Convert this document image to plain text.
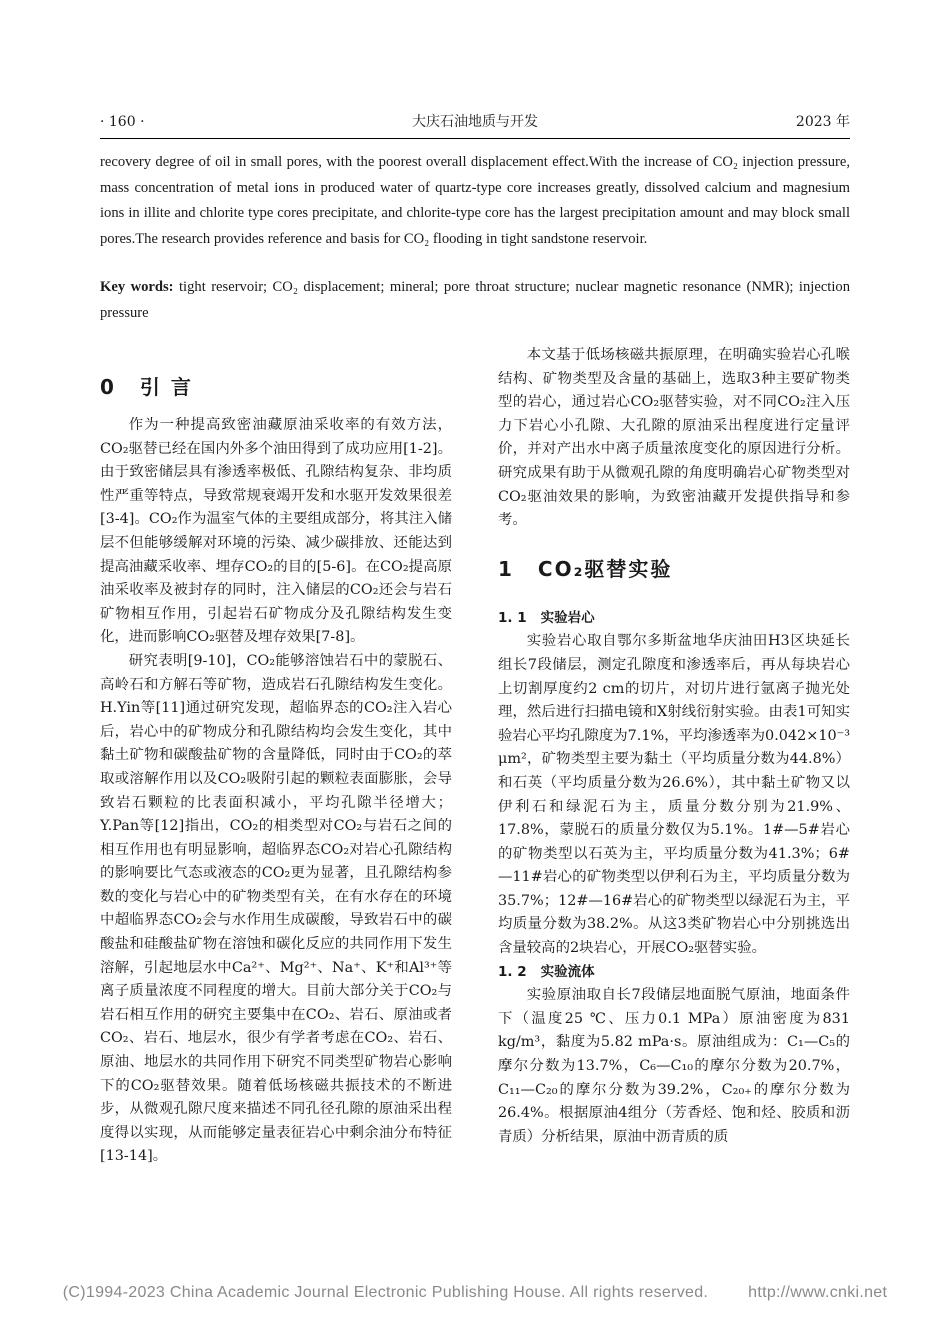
· 160 ·	大庆石油地质与开发	2023 年

recovery degree of oil in small pores, with the poorest overall displacement effect.With the increase of CO₂ injection pressure, mass concentration of metal ions in produced water of quartz-type core increases greatly, dissolved calcium and magnesium ions in illite and chlorite type cores precipitate, and chlorite-type core has the largest precipitation amount and may block small pores.The research provides reference and basis for CO₂ flooding in tight sandstone reservoir.

Key words: tight reservoir; CO₂ displacement; mineral; pore throat structure; nuclear magnetic resonance (NMR); injection pressure
0 引 言

作为一种提高致密油藏原油采收率的有效方法，CO₂驱替已经在国内外多个油田得到了成功应用[1-2]。由于致密储层具有渗透率极低、孔隙结构复杂、非均质性严重等特点，导致常规衰竭开发和水驱开发效果很差[3-4]。CO₂作为温室气体的主要组成部分，将其注入储层不但能够缓解对环境的污染、减少碳排放、还能达到提高油藏采收率、埋存CO₂的目的[5-6]。在CO₂提高原油采收率及被封存的同时，注入储层的CO₂还会与岩石矿物相互作用，引起岩石矿物成分及孔隙结构发生变化，进而影响CO₂驱替及埋存效果[7-8]。

研究表明[9-10]，CO₂能够溶蚀岩石中的蒙脱石、高岭石和方解石等矿物，造成岩石孔隙结构发生变化。H.Yin等[11]通过研究发现，超临界态的CO₂注入岩心后，岩心中的矿物成分和孔隙结构均会发生变化，其中黏土矿物和碳酸盐矿物的含量降低，同时由于CO₂的萃取或溶解作用以及CO₂吸附引起的颗粒表面膨胀，会导致岩石颗粒的比表面积减小，平均孔隙半径增大；Y.Pan等[12]指出，CO₂的相类型对CO₂与岩石之间的相互作用也有明显影响，超临界态CO₂对岩心孔隙结构的影响要比气态或液态的CO₂更为显著，且孔隙结构参数的变化与岩心中的矿物类型有关，在有水存在的环境中超临界态CO₂会与水作用生成碳酸，导致岩石中的碳酸盐和硅酸盐矿物在溶蚀和碳化反应的共同作用下发生溶解，引起地层水中Ca²⁺、Mg²⁺、Na⁺、K⁺和Al³⁺等离子质量浓度不同程度的增大。目前大部分关于CO₂与岩石相互作用的研究主要集中在CO₂、岩石、原油或者CO₂、岩石、地层水，很少有学者考虑在CO₂、岩石、原油、地层水的共同作用下研究不同类型矿物岩心影响下的CO₂驱替效果。随着低场核磁共振技术的不断进步，从微观孔隙尺度来描述不同孔径孔隙的原油采出程度得以实现，从而能够定量表征岩心中剩余油分布特征[13-14]。

本文基于低场核磁共振原理，在明确实验岩心孔喉结构、矿物类型及含量的基础上，选取3种主要矿物类型的岩心，通过岩心CO₂驱替实验，对不同CO₂注入压力下岩心小孔隙、大孔隙的原油采出程度进行定量评价，并对产出水中离子质量浓度变化的原因进行分析。研究成果有助于从微观孔隙的角度明确岩心矿物类型对CO₂驱油效果的影响，为致密油藏开发提供指导和参考。

1 CO₂驱替实验
1. 1 实验岩心

实验岩心取自鄂尔多斯盆地华庆油田H3区块延长组长7段储层，测定孔隙度和渗透率后，再从每块岩心上切割厚度约2 cm的切片，对切片进行氩离子抛光处理，然后进行扫描电镜和X射线衍射实验。由表1可知实验岩心平均孔隙度为7.1%，平均渗透率为0.042×10⁻³ μm²，矿物类型主要为黏土（平均质量分数为44.8%）和石英（平均质量分数为26.6%），其中黏土矿物又以伊利石和绿泥石为主，质量分数分别为21.9%、17.8%，蒙脱石的质量分数仅为5.1%。1#—5#岩心的矿物类型以石英为主，平均质量分数为41.3%；6#—11#岩心的矿物类型以伊利石为主，平均质量分数为35.7%；12#—16#岩心的矿物类型以绿泥石为主，平均质量分数为38.2%。从这3类矿物岩心中分别挑选出含量较高的2块岩心，开展CO₂驱替实验。

1. 2 实验流体

实验原油取自长7段储层地面脱气原油，地面条件下（温度25 ℃、压力0.1 MPa）原油密度为831 kg/m³，黏度为5.82 mPa·s。原油组成为：C₁—C₅的摩尔分数为13.7%，C₆—C₁₀的摩尔分数为20.7%，C₁₁—C₂₀的摩尔分数为39.2%，C₂₀₊的摩尔分数为26.4%。根据原油4组分（芳香烃、饱和烃、胶质和沥青质）分析结果，原油中沥青质的质

(C)1994-2023 China Academic Journal Electronic Publishing House. All rights reserved.	http://www.cnki.net
